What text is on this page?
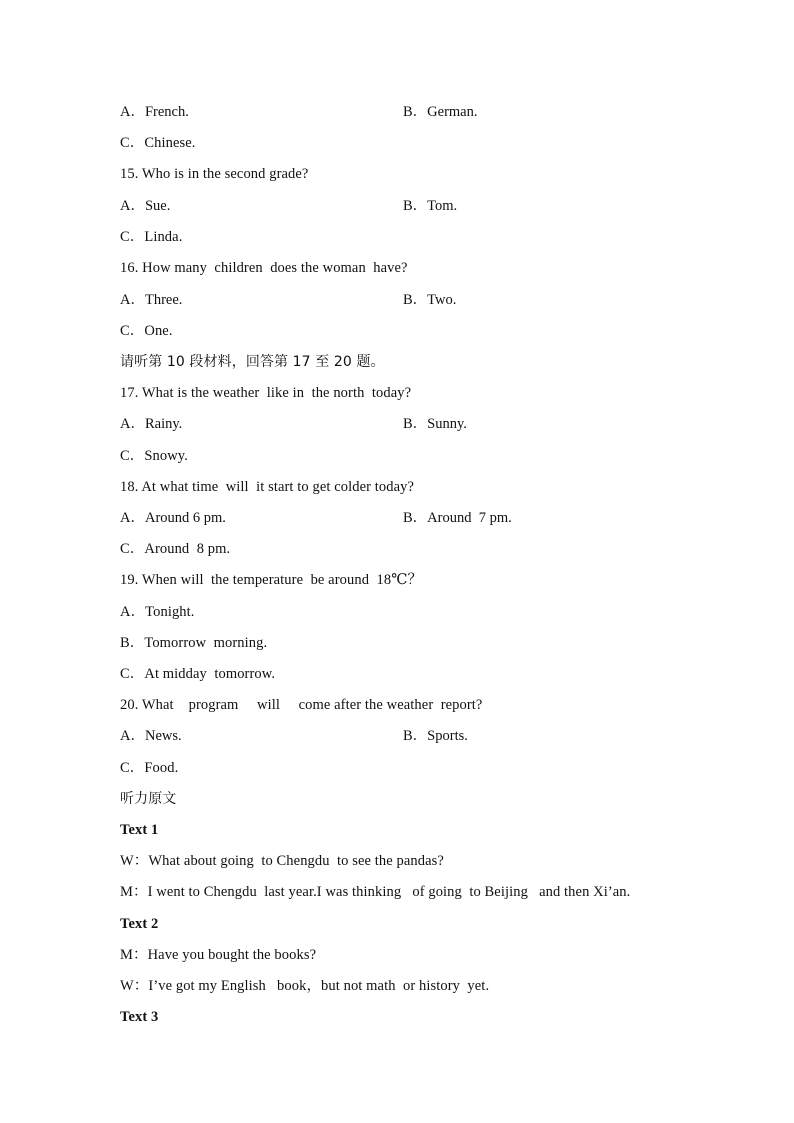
A．French.	B．German.
C．Chinese.
15. Who is in the second grade?
A．Sue.	B．Tom.
C．Linda.
16. How many  children  does the woman  have?
A．Three.	B．Two.
C．One.
请听第 10 段材料，回答第 17 至 20 题。
17. What is the weather  like in  the north  today?
A．Rainy.	B．Sunny.
C．Snowy.
18. At what time  will  it start to get colder today?
A．Around 6 pm.	B．Around  7 pm.
C．Around  8 pm.
19. When will  the temperature  be around  18℃？
A．Tonight.
B．Tomorrow  morning.
C．At midday  tomorrow.
20. What    program     will     come after the weather  report?
A．News.	B．Sports.
C．Food.
听力原文
Text 1
W：What about going  to Chengdu  to see the pandas?
M：I went to Chengdu  last year.I was thinking   of going  to Beijing   and then Xi’an.
Text 2
M：Have you bought the books?
W：I’ve got my English   book，but not math  or history  yet.
Text 3
